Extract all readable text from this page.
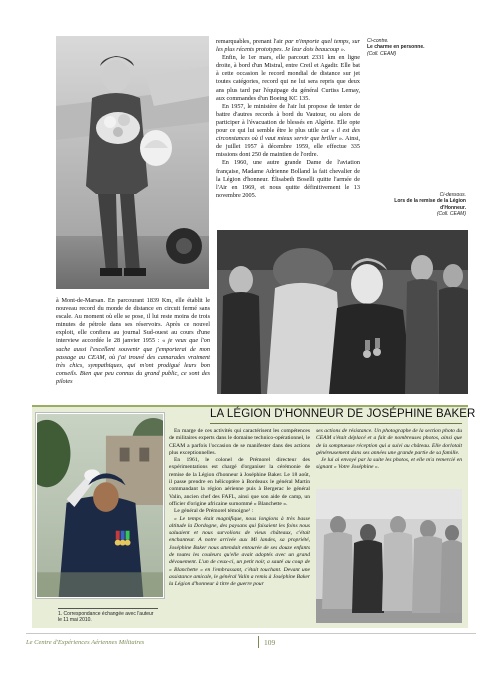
remarquables, prenant l'air par n'importe quel temps, sur les plus récents prototypes. Je leur dois beaucoup ».

Enfin, le 1er mars, elle parcourt 2331 km en ligne droite, à bord d'un Mistral, entre Creil et Agadir. Elle bat à cette occasion le record mondial de distance sur jet toutes catégories, record qui ne lui sera repris que deux ans plus tard par l'équipage du général Curtiss Lemay, aux commandes d'un Boeing KC 135.

En 1957, le ministère de l'air lui propose de tenter de battre d'autres records à bord du Vautour, ou alors de participer à l'évacuation de blessés en Algérie. Elle opte pour ce qui lui semble être le plus utile car « il est des circonstances où il vaut mieux servir que briller ». Ainsi, de juillet 1957 à décembre 1959, elle effectue 335 missions dont 250 de maintien de l'ordre.

En 1960, une autre grande Dame de l'aviation française, Madame Adrienne Bolland la fait chevalier de la Légion d'honneur. Élisabeth Boselli quitte l'armée de l'Air en 1969, et nous quitte définitivement le 13 novembre 2005.

Ci-contre.
Le charme en personne.
(Coll. CEAM)
Ci-dessous.
Lors de la remise de la Légion d'Honneur.
(Coll. CEAM)

à Mont-de-Marsan. En parcourant 1839 Km, elle établit le nouveau record du monde de distance en circuit fermé sans escale. Au moment où elle se pose, il lui reste moins de trois minutes de pétrole dans ses réservoirs. Après ce nouvel exploit, elle confiera au journal Sud-ouest au cours d'une interview accordée le 28 janvier 1955 : « je veux que l'on sache aussi l'excellent souvenir que j'emporterai de mon passage au CEAM, où j'ai trouvé des camarades vraiment très chics, sympathiques, qui m'ont prodigué leurs bon conseils. Bien que peu connus du grand public, ce sont des pilotes

LA LÉGION D'HONNEUR DE JOSÉPHINE BAKER

En marge de ces activités qui caractérisent les compétences de militaires experts dans le domaine technico-opérationnel, le CEAM a parfois l'occasion de se manifester dans des actions plus exceptionnelles.

En 1961, le colonel de Prémorel directeur des expérimentations est chargé d'organiser la cérémonie de remise de la Légion d'honneur à Joséphine Baker. Le 18 août, il passe prendre en hélicoptère à Bordeaux le général Martin commandant la région aérienne puis à Bergerac le général Valin, ancien chef des FAFL, ainsi que son aide de camp, un officier d'origine africaine surnommé « Blanchette ».

Le général de Prémorel témoigne¹ :

« Le temps était magnifique, nous longions à très basse altitude la Dordogne, des paysans qui faisaient les foins nous saluaient et nous survolions de vieux châteaux, c'était enchanteur. A notre arrivée aux Mi landes, sa propriété, Joséphine Baker nous attendait entourée de ses douze enfants de toutes les couleurs qu'elle avait adoptés avec un grand dévouement. L'un de ceux-ci, un petit noir, a sauté au coup de « Blanchette » en l'embrassant, c'était touchant. Devant une assistance amicale, le général Valin a remis à Joséphine Baker la Légion d'honneur à titre de guerre pour

ses actions de résistance. Un photographe de la section photo du CEAM s'était déplacé et a fait de nombreuses photos, ainsi que de la somptueuse réception qui a suivi au château. Elle dorlotait généreusement dans ses années une grande partie de sa famille.

Je lui ai envoyé par la suite les photos, et elle m'a remercié en signant « Votre Joséphine ».

1. Correspondance échangée avec l'auteur le 11 mai 2010.
Le Centre d'Expériences Aériennes Militaires	109
